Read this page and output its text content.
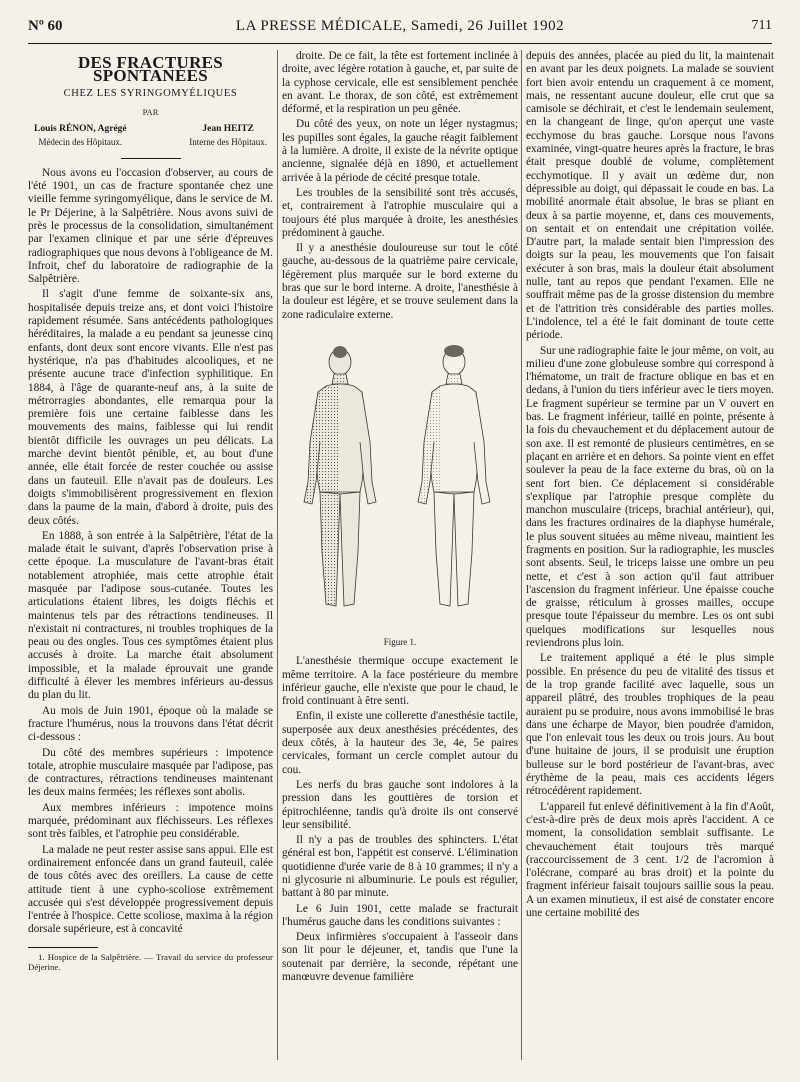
Nº 60	LA PRESSE MÉDICALE, Samedi, 26 Juillet 1902	711
DES FRACTURES SPONTANÉES
CHEZ LES SYRINGOMYÉLIQUES
PAR
Louis RÉNON, Agrégé
Médecin des Hôpitaux.
Jean HEITZ
Interne des Hôpitaux.

Nous avons eu l'occasion d'observer, au cours de l'été 1901, un cas de fracture spontanée chez une vieille femme syringomyélique, dans le service de M. le Pr Déjerine, à la Salpêtrière. Nous avons suivi de près le processus de la consolidation, simultanément par l'examen clinique et par une série d'épreuves radiographiques que nous devons à l'obligeance de M. Infroit, chef du laboratoire de radiographie de la Salpêtrière.

Il s'agit d'une femme de soixante-six ans, hospitalisée depuis treize ans, et dont voici l'histoire rapidement résumée. Sans antécédents pathologiques héréditaires, la malade a eu pendant sa jeunesse cinq enfants, dont deux sont encore vivants. Elle n'est pas hystérique, n'a pas d'habitudes alcooliques, et ne présente aucune trace d'infection syphilitique. En 1884, à l'âge de quarante-neuf ans, à la suite de métrorragies abondantes, elle remarqua pour la première fois une certaine faiblesse dans les mouvements des mains, faiblesse qui lui rendit bientôt difficile les ouvrages un peu délicats. La marche devint bientôt pénible, et, au bout d'une année, elle était forcée de rester couchée ou assise dans un fauteuil. Elle n'avait pas de douleurs. Les doigts s'immobilisèrent progressivement en flexion dans la paume de la main, d'abord à droite, puis des deux côtés.

En 1888, à son entrée à la Salpêtrière, l'état de la malade était le suivant, d'après l'observation prise à cette époque. La musculature de l'avant-bras était notablement atrophiée, mais cette atrophie était masquée par l'adipose sous-cutanée. Toutes les articulations étaient libres, les doigts fléchis et maintenus tels par des rétractions tendineuses. Il n'existait ni contractures, ni troubles trophiques de la peau ou des ongles. Tous ces symptômes étaient plus accusés à droite. La marche était absolument impossible, et la malade éprouvait une grande difficulté à élever les membres inférieurs au-dessus du plan du lit.

Au mois de Juin 1901, époque où la malade se fracture l'humérus, nous la trouvons dans l'état décrit ci-dessous :

Du côté des membres supérieurs : impotence totale, atrophie musculaire masquée par l'adipose, pas de contractures, rétractions tendineuses maintenant les deux mains fermées; les réflexes sont abolis.

Aux membres inférieurs : impotence moins marquée, prédominant aux fléchisseurs. Les réflexes sont très faibles, et l'atrophie peu considérable.

La malade ne peut rester assise sans appui. Elle est ordinairement enfoncée dans un grand fauteuil, calée de tous côtés avec des oreillers. La cause de cette attitude tient à une cypho-scoliose extrêmement accusée qui s'est développée progressivement depuis l'entrée à l'hospice. Cette scoliose, maxima à la région dorsale supérieure, est à concavité

1. Hospice de la Salpêtrière. — Travail du service du professeur Déjerine.

droite. De ce fait, la tête est fortement inclinée à droite, avec légère rotation à gauche, et, par suite de la cyphose cervicale, elle est sensiblement penchée en avant. Le thorax, de son côté, est extrêmement déformé, et la respiration un peu gênée.

Du côté des yeux, on note un léger nystagmus; les pupilles sont égales, la gauche réagit faiblement à la lumière. A droite, il existe de la névrite optique ancienne, signalée déjà en 1890, et actuellement arrivée à la période de cécité presque totale.

Les troubles de la sensibilité sont très accusés, et, contrairement à l'atrophie musculaire qui a toujours été plus marquée à droite, les anesthésies prédominent à gauche.

Il y a anesthésie douloureuse sur tout le côté gauche, au-dessous de la quatrième paire cervicale, légèrement plus marquée sur le bord externe du bras que sur le bord interne. A droite, l'anesthésie à la douleur est légère, et se trouve seulement dans la zone radiculaire externe.

Figure 1.

L'anesthésie thermique occupe exactement le même territoire. A la face postérieure du membre inférieur gauche, elle n'existe que pour le chaud, le froid continuant à être senti.

Enfin, il existe une collerette d'anesthésie tactile, superposée aux deux anesthésies précédentes, des deux côtés, à la hauteur des 3e, 4e, 5e paires cervicales, formant un cercle complet autour du cou.

Les nerfs du bras gauche sont indolores à la pression dans les gouttières de torsion et épitrochléenne, tandis qu'à droite ils ont conservé leur sensibilité.

Il n'y a pas de troubles des sphincters. L'état général est bon, l'appétit est conservé. L'élimination quotidienne d'urée varie de 8 à 10 grammes; il n'y a ni glycosurie ni albuminurie. Le pouls est régulier, battant à 80 par minute.

Le 6 Juin 1901, cette malade se fracturait l'humérus gauche dans les conditions suivantes :

Deux infirmières s'occupaient à l'asseoir dans son lit pour le déjeuner, et, tandis que l'une la soutenait par derrière, la seconde, répétant une manœuvre devenue familière

depuis des années, placée au pied du lit, la maintenait en avant par les deux poignets. La malade se souvient fort bien avoir entendu un craquement à ce moment, mais, ne ressentant aucune douleur, elle crut que sa camisole se déchirait, et c'est le lendemain seulement, en la changeant de linge, qu'on aperçut une vaste ecchymose du bras gauche. Lorsque nous l'avons examinée, vingt-quatre heures après la fracture, le bras était presque doublé de volume, complètement ecchymotique. Il y avait un œdème dur, non dépressible au doigt, qui dépassait le coude en bas. La mobilité anormale était absolue, le bras se pliant en deux à sa partie moyenne, et, dans ces mouvements, on sentait et on entendait une crépitation voilée. D'autre part, la malade sentait bien l'impression des doigts sur la peau, les mouvements que l'on faisait exécuter à son bras, mais la douleur était absolument nulle, tant au repos que pendant l'examen. Elle ne souffrait même pas de la grosse distension du membre et de l'attrition très considérable des parties molles. L'indolence, tel a été le fait dominant de toute cette période.

Sur une radiographie faite le jour même, on voit, au milieu d'une zone globuleuse sombre qui correspond à l'hématome, un trait de fracture oblique en bas et en dedans, à l'union du tiers inférieur avec le tiers moyen. Le fragment supérieur se termine par un V ouvert en bas. Le fragment inférieur, taillé en pointe, présente à la fois du chevauchement et du déplacement autour de son axe. Il est remonté de plusieurs centimètres, en se plaçant en arrière et en dehors. Sa pointe vient en effet soulever la peau de la face externe du bras, où on la sent fort bien. Ce déplacement si considérable s'explique par l'atrophie presque complète du manchon musculaire (triceps, brachial antérieur), qui, dans les fractures ordinaires de la diaphyse humérale, le plus souvent situées au même niveau, maintient les fragments en position. Sur la radiographie, les muscles sont absents. Seul, le triceps laisse une ombre un peu nette, et c'est à son action qu'il faut attribuer l'ascension du fragment inférieur. Une épaisse couche de graisse, réticulum à grosses mailles, occupe presque toute l'épaisseur du membre. Les os ont subi quelques modifications sur lesquelles nous reviendrons plus loin.

Le traitement appliqué a été le plus simple possible. En présence du peu de vitalité des tissus et de la trop grande facilité avec laquelle, sous un appareil plâtré, des troubles trophiques de la peau auraient pu se produire, nous avons immobilisé le bras dans une écharpe de Mayor, bien poudrée d'amidon, que l'on enlevait tous les deux ou trois jours. Au bout d'une huitaine de jours, il se produisit une éruption bulleuse sur le bord postérieur de l'avant-bras, avec érythème de la peau, mais ces accidents légers rétrocédèrent rapidement.

L'appareil fut enlevé définitivement à la fin d'Août, c'est-à-dire près de deux mois après l'accident. A ce moment, la consolidation semblait suffisante. Le chevauchement était toujours très marqué (raccourcissement de 3 cent. 1/2 de l'acromion à l'olécrane, comparé au bras droit) et la pointe du fragment inférieur faisait toujours saillie sous la peau. A un examen minutieux, il est aisé de constater encore une certaine mobilité des
